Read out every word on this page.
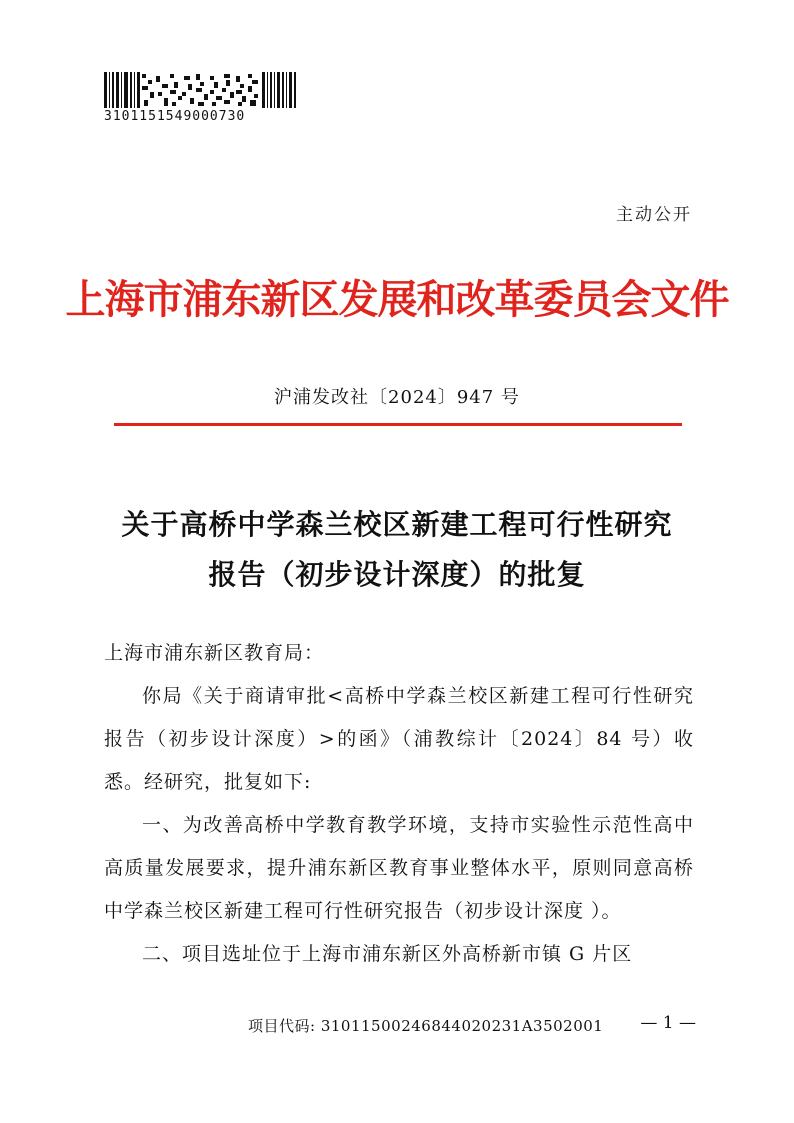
3101151549000730
主动公开
上海市浦东新区发展和改革委员会文件
沪浦发改社〔2024〕947 号
关于高桥中学森兰校区新建工程可行性研究
报告（初步设计深度）的批复

上海市浦东新区教育局：

你局《关于商请审批<高桥中学森兰校区新建工程可行性研究报告（初步设计深度）>的函》（浦教综计〔2024〕84 号）收悉。经研究，批复如下:

一、为改善高桥中学教育教学环境，支持市实验性示范性高中高质量发展要求，提升浦东新区教育事业整体水平，原则同意高桥中学森兰校区新建工程可行性研究报告（初步设计深度 ）。

二、项目选址位于上海市浦东新区外高桥新市镇 G 片区

项目代码: 31011500246844020231A3502001 — 1 —
